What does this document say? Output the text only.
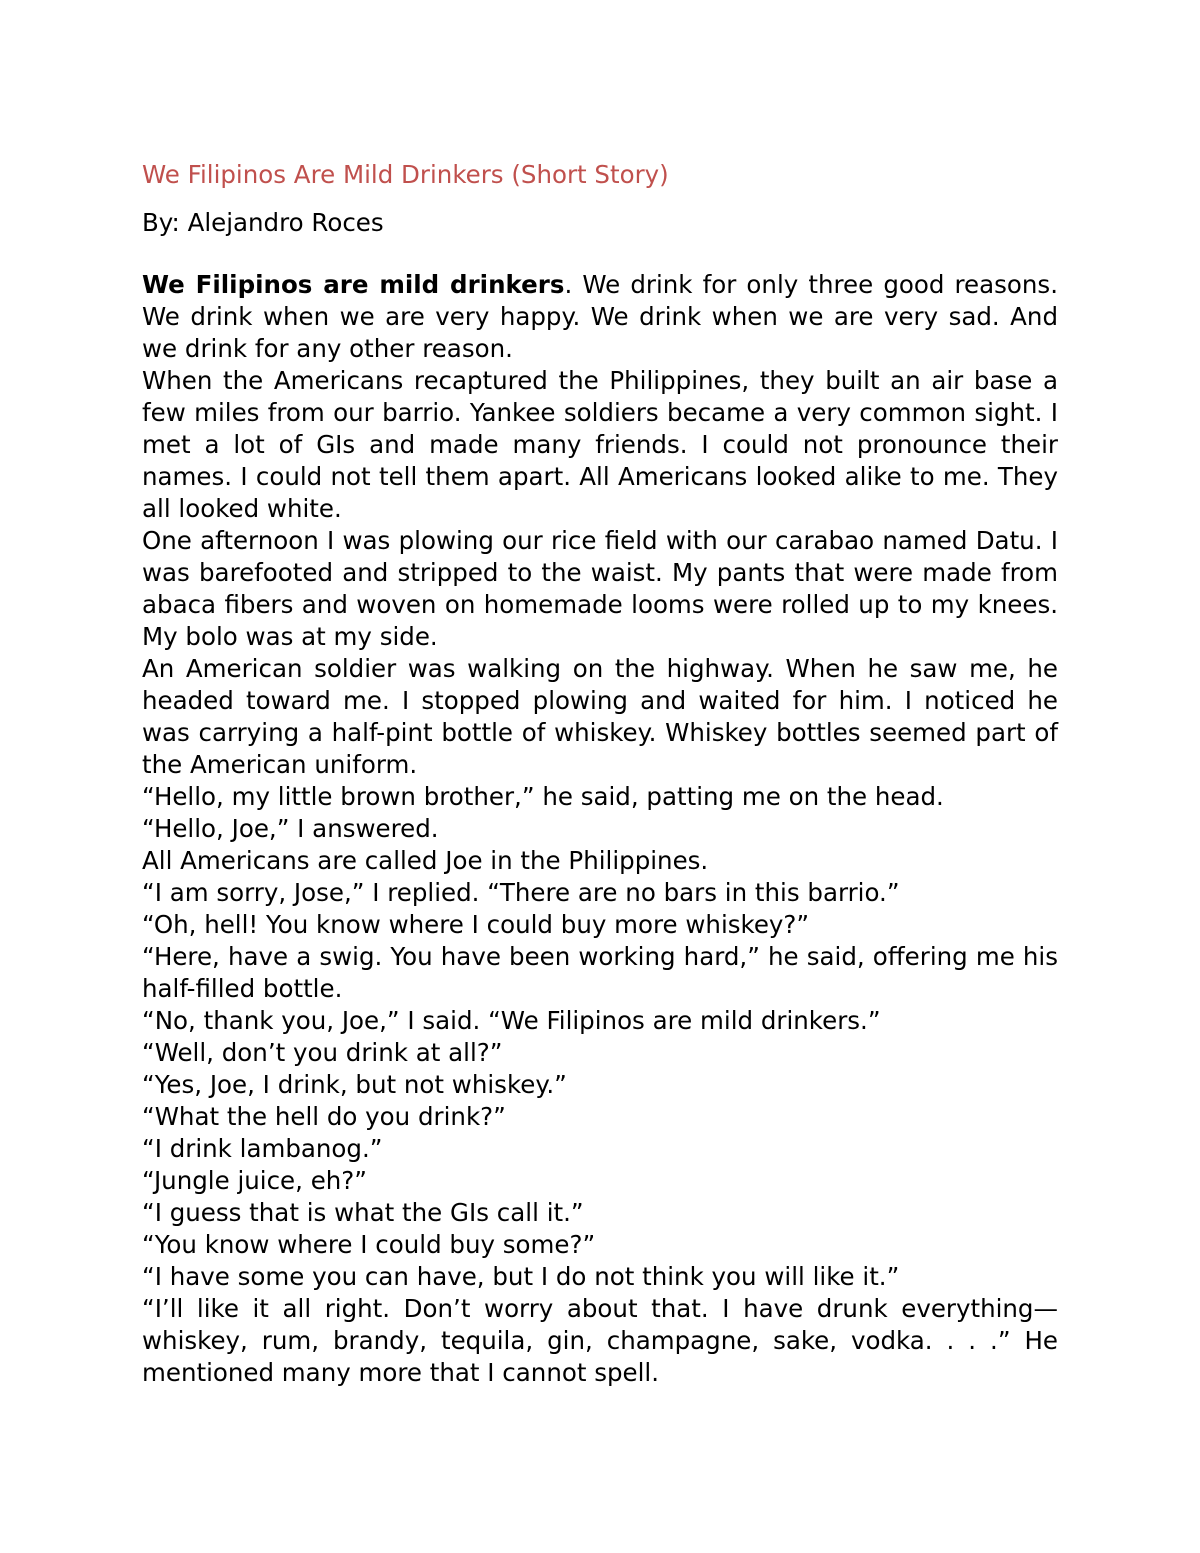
We Filipinos Are Mild Drinkers (Short Story)

By: Alejandro Roces

We Filipinos are mild drinkers. We drink for only three good reasons. We drink when we are very happy. We drink when we are very sad. And we drink for any other reason.

When the Americans recaptured the Philippines, they built an air base a few miles from our barrio. Yankee soldiers became a very common sight. I met a lot of GIs and made many friends. I could not pronounce their names. I could not tell them apart. All Americans looked alike to me. They all looked white.

One afternoon I was plowing our rice field with our carabao named Datu. I was barefooted and stripped to the waist. My pants that were made from abaca fibers and woven on homemade looms were rolled up to my knees. My bolo was at my side.

An American soldier was walking on the highway. When he saw me, he headed toward me. I stopped plowing and waited for him. I noticed he was carrying a half-pint bottle of whiskey. Whiskey bottles seemed part of the American uniform.

“Hello, my little brown brother,” he said, patting me on the head.

“Hello, Joe,” I answered.

All Americans are called Joe in the Philippines.

“I am sorry, Jose,” I replied. “There are no bars in this barrio.”

“Oh, hell! You know where I could buy more whiskey?”

“Here, have a swig. You have been working hard,” he said, offering me his half-filled bottle.

“No, thank you, Joe,” I said. “We Filipinos are mild drinkers.”

“Well, don’t you drink at all?”

“Yes, Joe, I drink, but not whiskey.”

“What the hell do you drink?”

“I drink lambanog.”

“Jungle juice, eh?”

“I guess that is what the GIs call it.”

“You know where I could buy some?”

“I have some you can have, but I do not think you will like it.”

“I’ll like it all right. Don’t worry about that. I have drunk everything—whiskey, rum, brandy, tequila, gin, champagne, sake, vodka. . . .” He mentioned many more that I cannot spell.
